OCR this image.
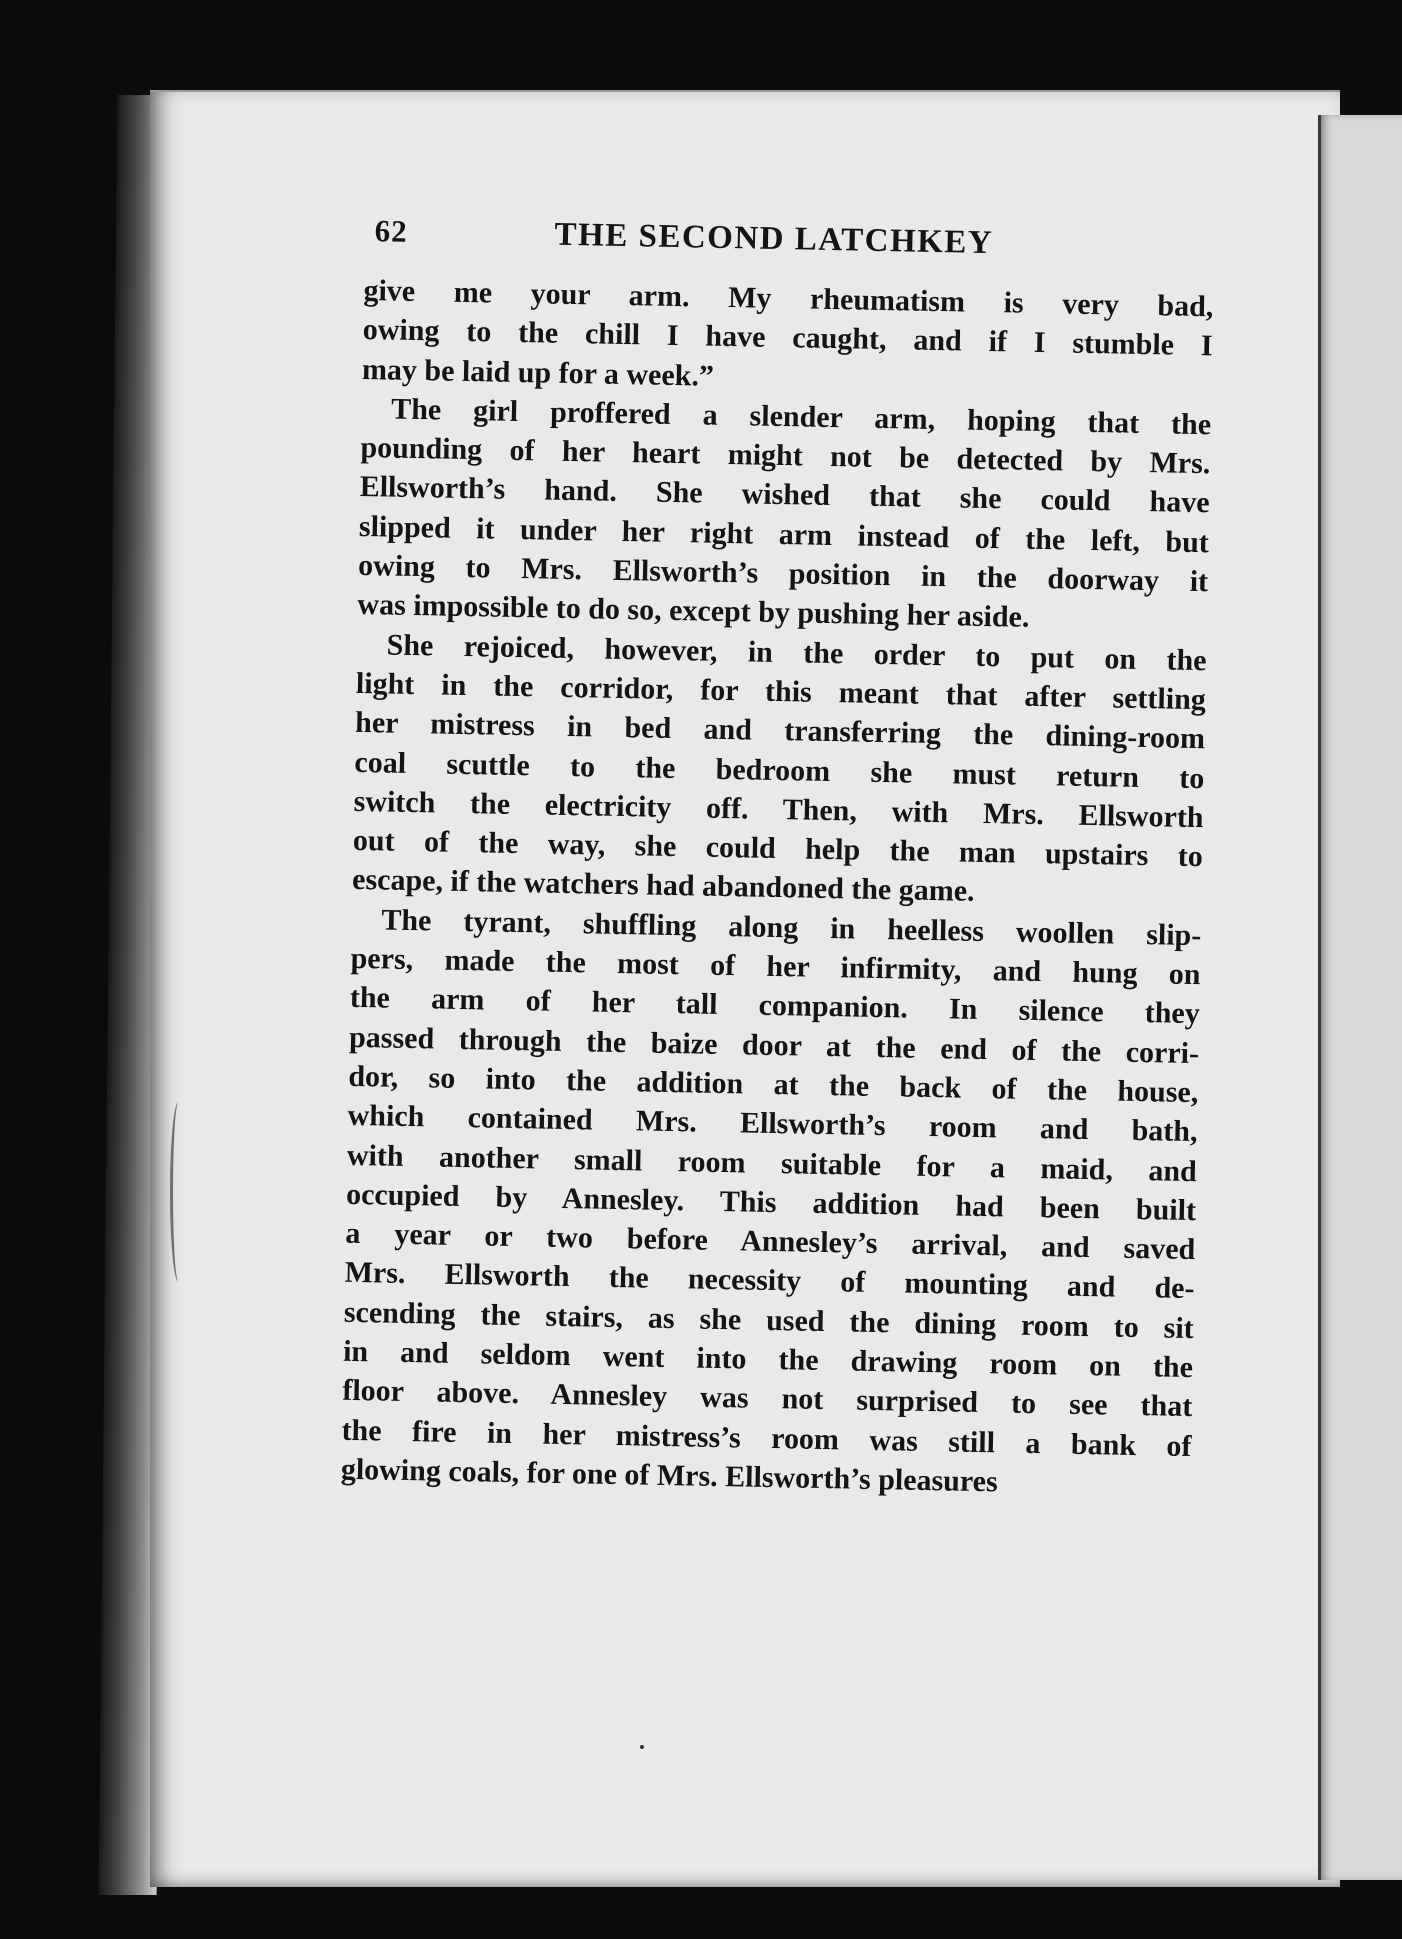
62	THE SECOND LATCHKEY
give me your arm. My rheumatism is very bad,
owing to the chill I have caught, and if I stumble I
may be laid up for a week.”
The girl proffered a slender arm, hoping that the
pounding of her heart might not be detected by Mrs.
Ellsworth’s hand. She wished that she could have
slipped it under her right arm instead of the left, but
owing to Mrs. Ellsworth’s position in the doorway it
was impossible to do so, except by pushing her aside.
She rejoiced, however, in the order to put on the
light in the corridor, for this meant that after settling
her mistress in bed and transferring the dining-room
coal scuttle to the bedroom she must return to
switch the electricity off. Then, with Mrs. Ellsworth
out of the way, she could help the man upstairs to
escape, if the watchers had abandoned the game.
The tyrant, shuffling along in heelless woollen slip-
pers, made the most of her infirmity, and hung on
the arm of her tall companion. In silence they
passed through the baize door at the end of the corri-
dor, so into the addition at the back of the house,
which contained Mrs. Ellsworth’s room and bath,
with another small room suitable for a maid, and
occupied by Annesley. This addition had been built
a year or two before Annesley’s arrival, and saved
Mrs. Ellsworth the necessity of mounting and de-
scending the stairs, as she used the dining room to sit
in and seldom went into the drawing room on the
floor above. Annesley was not surprised to see that
the fire in her mistress’s room was still a bank of
glowing coals, for one of Mrs. Ellsworth’s pleasures
